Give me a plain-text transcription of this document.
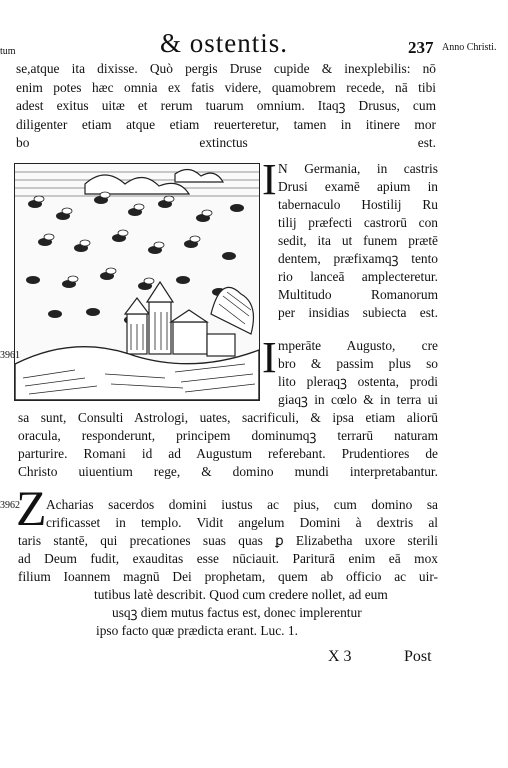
tum	& ostentis.	237 Anno Christi.
se,atque ita dixisse. Quò pergis Druse cupide & inexplebilis: nō
enim potes hæc omnia ex fatis videre, quamobrem recede, nā tibi
adest exitus uitæ et rerum tuarum omnium. Itaqꝫ Drusus, cum
diligenter etiam atque etiam reuerteretur, tamen in itinere mor
bo extinctus est.
I N Germania, in castris
Drusi examē apium in
tabernaculo Hostilij Ru
tilij præfecti castrorū con
sedit, ita ut funem prætē
dentem, præfixamqꝫ tento
rio lanceā amplecteretur.
Multitudo Romanorum
per insidias subiecta est.
I mperāte Augusto, cre
bro & passim plus so
lito pleraqꝫ ostenta, prodi
giaqꝫ in cœlo & in terra ui
3961
sa sunt, Consulti Astrologi, uates, sacrificuli, & ipsa etiam aliorū
oracula, responderunt, principem dominumqꝫ terrarū naturam
parturire. Romani id ad Augustum referebant. Prudentiores de
Christo uiuentium rege, & domino mundi interpretabantur.
3962
Z Acharias sacerdos domini iustus ac pius, cum domino sa
crificasset in templo. Vidit angelum Domini à dextris al
taris stantē, qui precationes suas quas ꝑ Elizabetha uxore sterili
ad Deum fudit, exauditas esse nūciauit. Pariturā enim eā mox
filium Ioannem magnū Dei prophetam, quem ab officio ac uir-
tutibus latè describit. Quod cum credere nollet, ad eum
usqꝫ diem mutus factus est, donec implerentur
ipso facto quæ prædicta erant. Luc. 1.
X 3	Post
